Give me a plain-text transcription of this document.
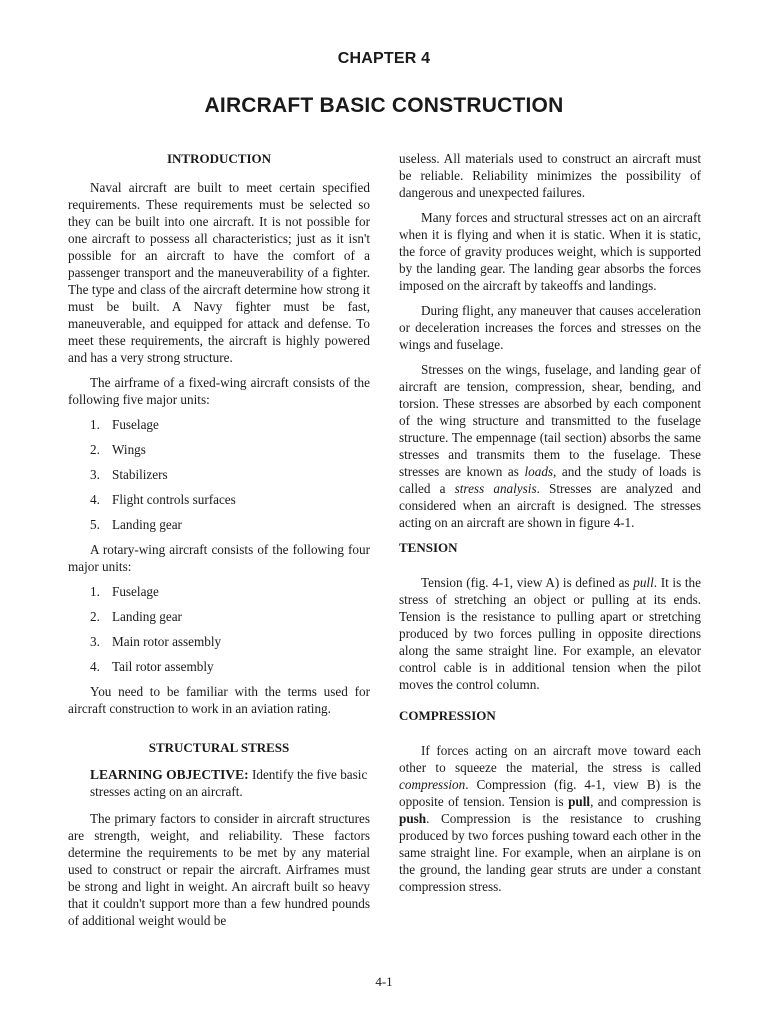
CHAPTER 4
AIRCRAFT BASIC CONSTRUCTION
INTRODUCTION

Naval aircraft are built to meet certain specified requirements. These requirements must be selected so they can be built into one aircraft. It is not possible for one aircraft to possess all characteristics; just as it isn't possible for an aircraft to have the comfort of a passenger transport and the maneuverability of a fighter. The type and class of the aircraft determine how strong it must be built. A Navy fighter must be fast, maneuverable, and equipped for attack and defense. To meet these requirements, the aircraft is highly powered and has a very strong structure.

The airframe of a fixed-wing aircraft consists of the following five major units:

1. Fuselage
2. Wings
3. Stabilizers
4. Flight controls surfaces
5. Landing gear

A rotary-wing aircraft consists of the following four major units:

1. Fuselage
2. Landing gear
3. Main rotor assembly
4. Tail rotor assembly

You need to be familiar with the terms used for aircraft construction to work in an aviation rating.

STRUCTURAL STRESS
LEARNING OBJECTIVE: Identify the five basic stresses acting on an aircraft.

The primary factors to consider in aircraft structures are strength, weight, and reliability. These factors determine the requirements to be met by any material used to construct or repair the aircraft. Airframes must be strong and light in weight. An aircraft built so heavy that it couldn't support more than a few hundred pounds of additional weight would be

useless. All materials used to construct an aircraft must be reliable. Reliability minimizes the possibility of dangerous and unexpected failures.

Many forces and structural stresses act on an aircraft when it is flying and when it is static. When it is static, the force of gravity produces weight, which is supported by the landing gear. The landing gear absorbs the forces imposed on the aircraft by takeoffs and landings.

During flight, any maneuver that causes acceleration or deceleration increases the forces and stresses on the wings and fuselage.

Stresses on the wings, fuselage, and landing gear of aircraft are tension, compression, shear, bending, and torsion. These stresses are absorbed by each component of the wing structure and transmitted to the fuselage structure. The empennage (tail section) absorbs the same stresses and transmits them to the fuselage. These stresses are known as loads, and the study of loads is called a stress analysis. Stresses are analyzed and considered when an aircraft is designed. The stresses acting on an aircraft are shown in figure 4-1.

TENSION

Tension (fig. 4-1, view A) is defined as pull. It is the stress of stretching an object or pulling at its ends. Tension is the resistance to pulling apart or stretching produced by two forces pulling in opposite directions along the same straight line. For example, an elevator control cable is in additional tension when the pilot moves the control column.

COMPRESSION

If forces acting on an aircraft move toward each other to squeeze the material, the stress is called compression. Compression (fig. 4-1, view B) is the opposite of tension. Tension is pull, and compression is push. Compression is the resistance to crushing produced by two forces pushing toward each other in the same straight line. For example, when an airplane is on the ground, the landing gear struts are under a constant compression stress.

4-1
